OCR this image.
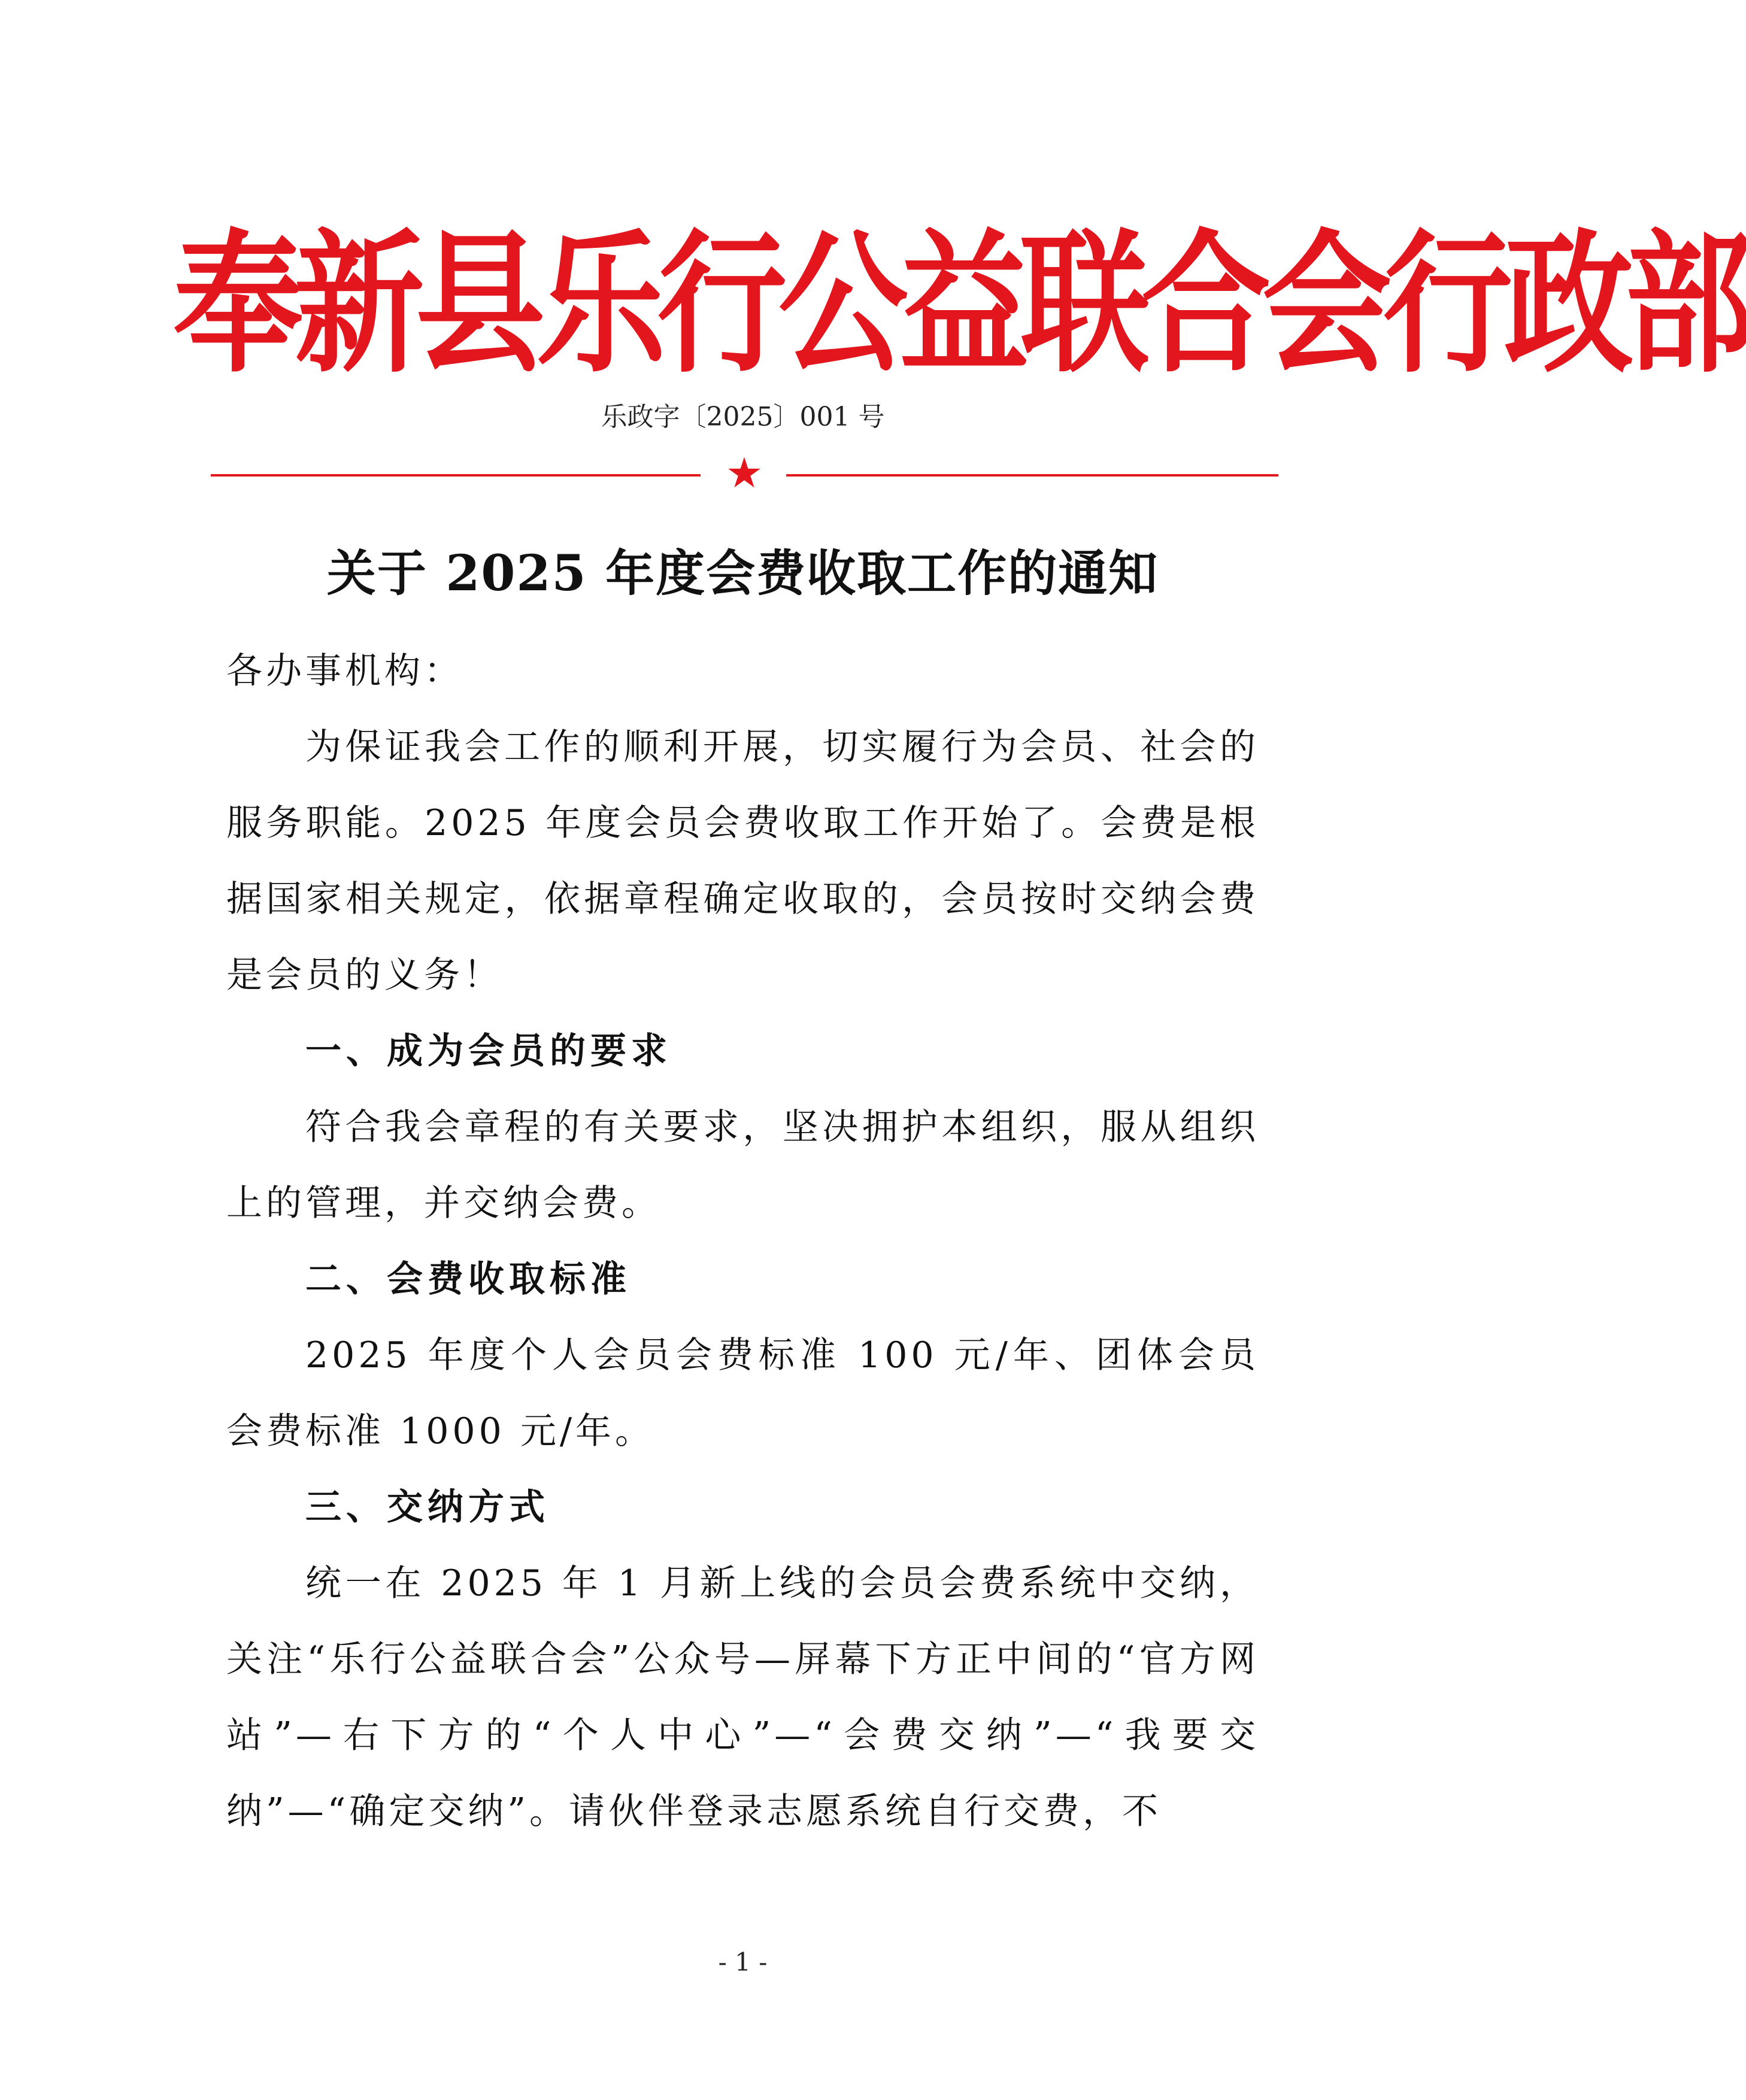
奉新县乐行公益联合会行政部
乐政字〔2025〕001 号
★
关于 2025 年度会费收取工作的通知

各办事机构：

为保证我会工作的顺利开展，切实履行为会员、社会的服务职能。2025 年度会员会费收取工作开始了。会费是根据国家相关规定，依据章程确定收取的，会员按时交纳会费是会员的义务！

一、成为会员的要求

符合我会章程的有关要求，坚决拥护本组织，服从组织上的管理，并交纳会费。

二、会费收取标准

2025 年度个人会员会费标准 100 元/年、团体会员会费标准 1000 元/年。

三、交纳方式

统一在 2025 年 1 月新上线的会员会费系统中交纳，关注“乐行公益联合会”公众号—屏幕下方正中间的“官方网站”—右下方的“个人中心”—“会费交纳”—“我要交纳”—“确定交纳”。请伙伴登录志愿系统自行交费，不

- 1 -
